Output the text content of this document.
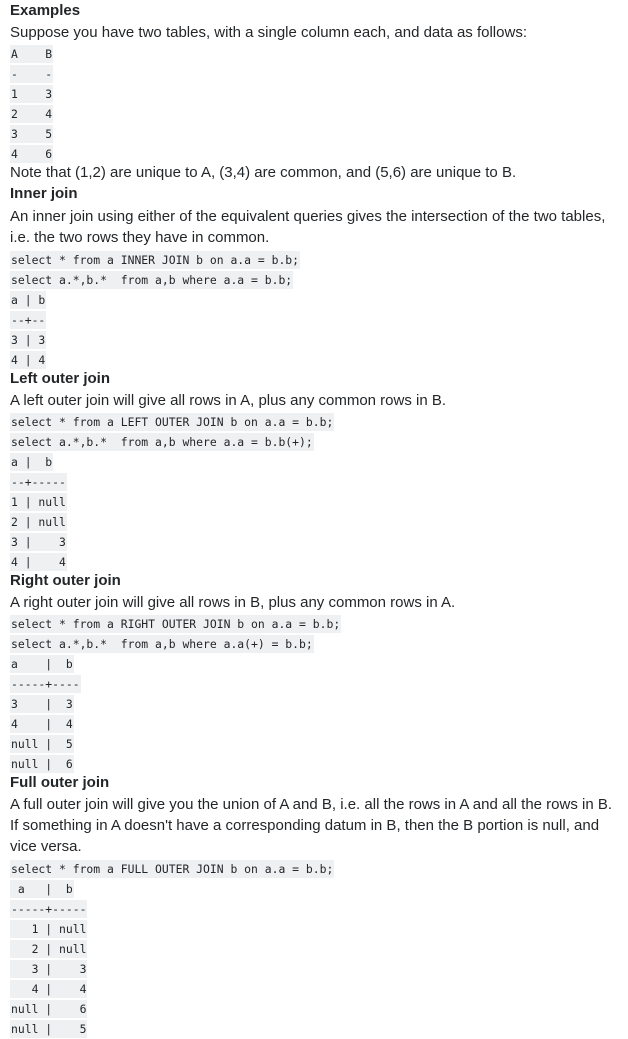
Examples
Suppose you have two tables, with a single column each, and data as follows:
A    B
-    -
1    3
2    4
3    5
4    6
Note that (1,2) are unique to A, (3,4) are common, and (5,6) are unique to B.
Inner join
An inner join using either of the equivalent queries gives the intersection of the two tables, i.e. the two rows they have in common.
select * from a INNER JOIN b on a.a = b.b;
select a.*,b.*  from a,b where a.a = b.b;
a | b
--+--
3 | 3
4 | 4
Left outer join
A left outer join will give all rows in A, plus any common rows in B.
select * from a LEFT OUTER JOIN b on a.a = b.b;
select a.*,b.*  from a,b where a.a = b.b(+);
a |  b
--+-----
1 | null
2 | null
3 |    3
4 |    4
Right outer join
A right outer join will give all rows in B, plus any common rows in A.
select * from a RIGHT OUTER JOIN b on a.a = b.b;
select a.*,b.*  from a,b where a.a(+) = b.b;
a    |  b
-----+----
3    |  3
4    |  4
null |  5
null |  6
Full outer join
A full outer join will give you the union of A and B, i.e. all the rows in A and all the rows in B. If something in A doesn't have a corresponding datum in B, then the B portion is null, and vice versa.
select * from a FULL OUTER JOIN b on a.a = b.b;
a   |  b
-----+-----
1 | null
2 | null
3 |    3
4 |    4
null |    6
null |    5
